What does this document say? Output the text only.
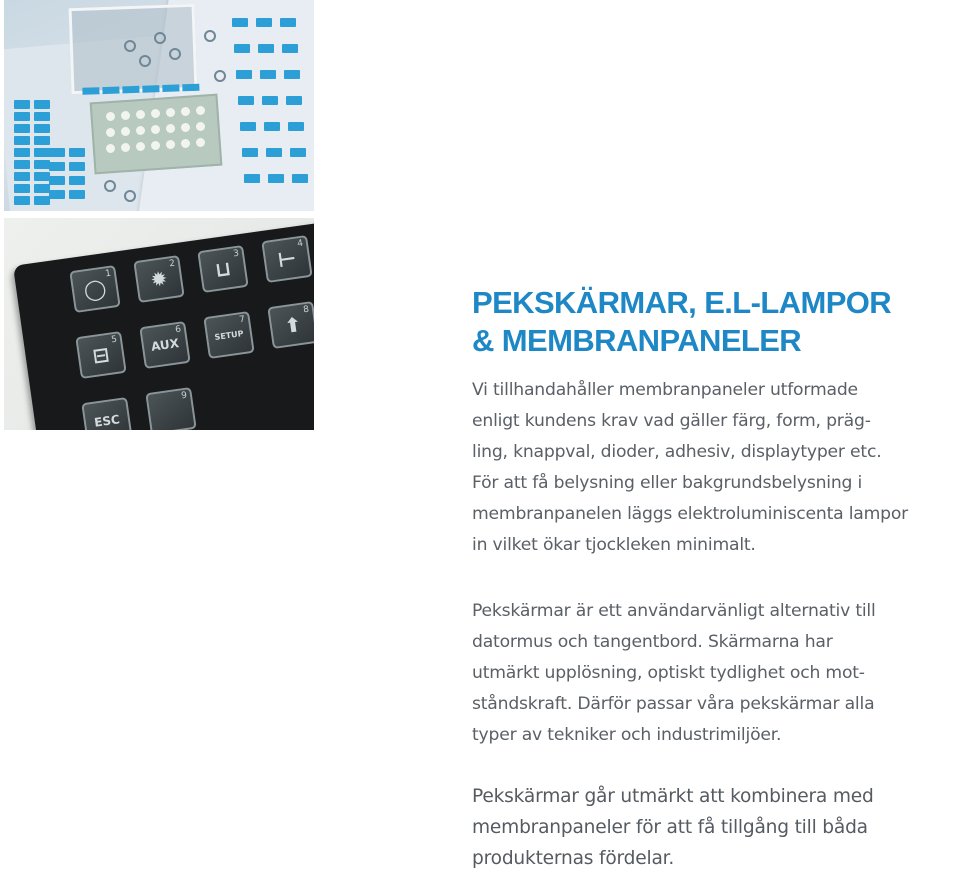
1
◯
2
✹
3
⊔
4
⊢
5
⊟
6
AUX
7
SETUP
8
⬆
ESC
9
PEKSKÄRMAR, E.L-LAMPOR
& MEMBRANPANELER

Vi tillhandahåller membranpaneler utformade
enligt kundens krav vad gäller färg, form, präg-
ling, knappval, dioder, adhesiv, displaytyper etc.
För att få belysning eller bakgrundsbelysning i
membranpanelen läggs elektroluminiscenta lampor
in vilket ökar tjockleken minimalt.

Pekskärmar är ett användarvänligt alternativ till
datormus och tangentbord. Skärmarna har
utmärkt upplösning, optiskt tydlighet och mot-
ståndskraft. Därför passar våra pekskärmar alla
typer av tekniker och industrimiljöer.

Pekskärmar går utmärkt att kombinera med
membranpaneler för att få tillgång till båda
produkternas fördelar.
